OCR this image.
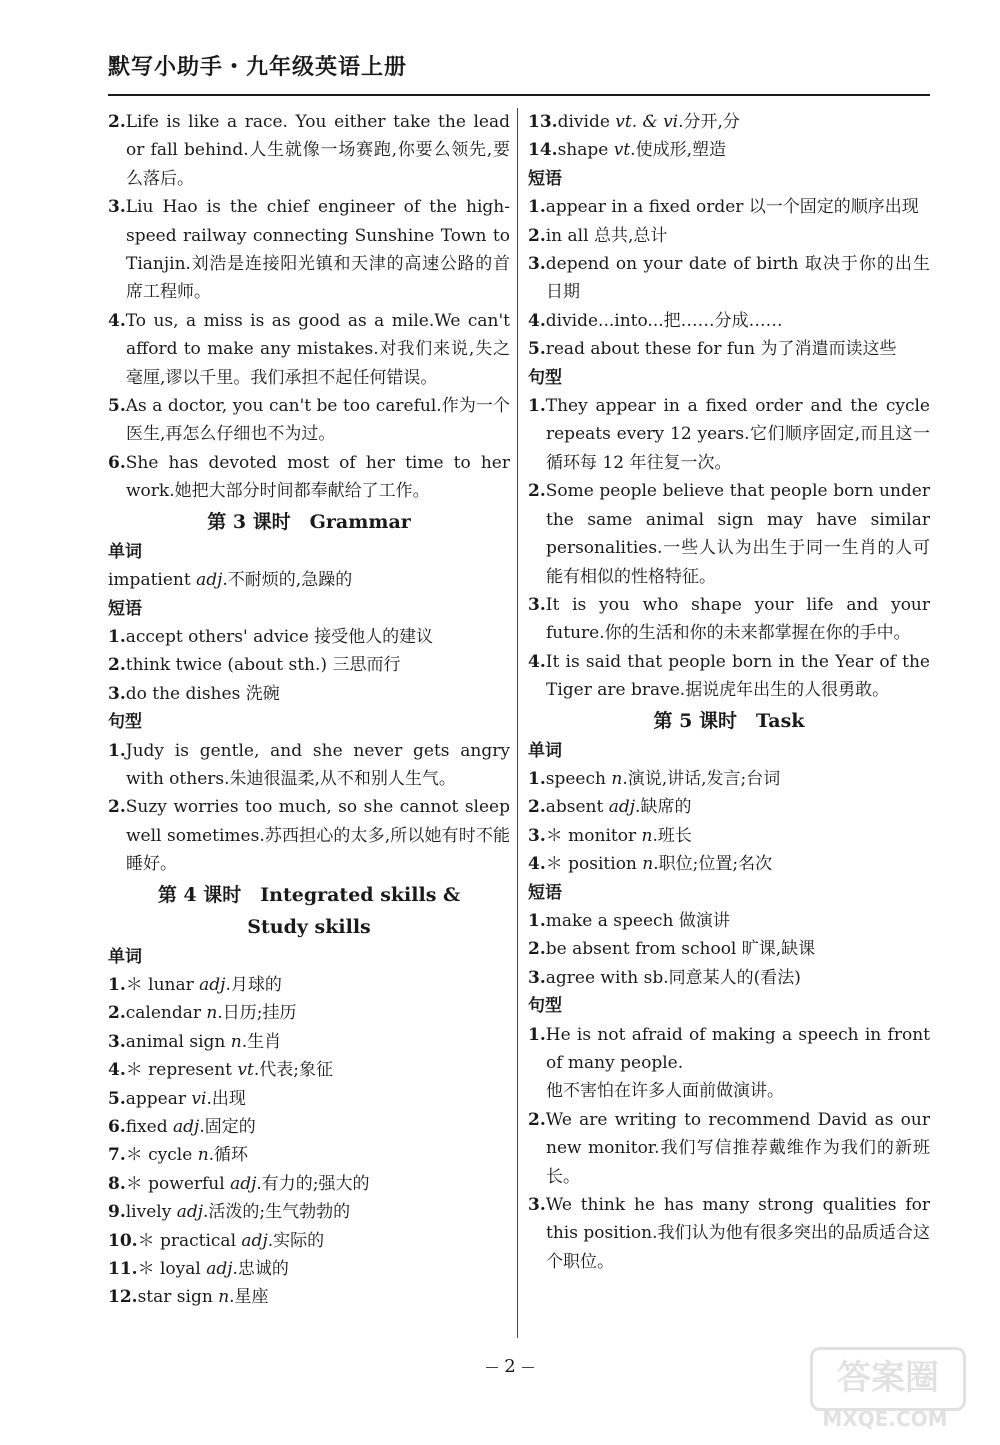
默写小助手・九年级英语上册
2.Life is like a race. You either take the lead or fall behind.人生就像一场赛跑,你要么领先,要么落后。
3.Liu Hao is the chief engineer of the high-speed railway connecting Sunshine Town to Tianjin.刘浩是连接阳光镇和天津的高速公路的首席工程师。
4.To us, a miss is as good as a mile.We can't afford to make any mistakes.对我们来说,失之毫厘,谬以千里。我们承担不起任何错误。
5.As a doctor, you can't be too careful.作为一个医生,再怎么仔细也不为过。
6.She has devoted most of her time to her work.她把大部分时间都奉献给了工作。
第 3 课时　Grammar
单词
impatient adj.不耐烦的,急躁的
短语
1.accept others' advice 接受他人的建议
2.think twice (about sth.) 三思而行
3.do the dishes 洗碗
句型
1.Judy is gentle, and she never gets angry with others.朱迪很温柔,从不和别人生气。
2.Suzy worries too much, so she cannot sleep well sometimes.苏西担心的太多,所以她有时不能睡好。
第 4 课时　Integrated skills &
Study skills
单词
1.＊ lunar adj.月球的
2.calendar n.日历;挂历
3.animal sign n.生肖
4.＊ represent vt.代表;象征
5.appear vi.出现
6.fixed adj.固定的
7.＊ cycle n.循环
8.＊ powerful adj.有力的;强大的
9.lively adj.活泼的;生气勃勃的
10.＊ practical adj.实际的
11.＊ loyal adj.忠诚的
12.star sign n.星座
13.divide vt. & vi.分开,分
14.shape vt.使成形,塑造
短语
1.appear in a fixed order 以一个固定的顺序出现
2.in all 总共,总计
3.depend on your date of birth 取决于你的出生日期
4.divide...into...把……分成……
5.read about these for fun 为了消遣而读这些
句型
1.They appear in a fixed order and the cycle repeats every 12 years.它们顺序固定,而且这一循环每 12 年往复一次。
2.Some people believe that people born under the same animal sign may have similar personalities.一些人认为出生于同一生肖的人可能有相似的性格特征。
3.It is you who shape your life and your future.你的生活和你的未来都掌握在你的手中。
4.It is said that people born in the Year of the Tiger are brave.据说虎年出生的人很勇敢。
第 5 课时　Task
单词
1.speech n.演说,讲话,发言;台词
2.absent adj.缺席的
3.＊ monitor n.班长
4.＊ position n.职位;位置;名次
短语
1.make a speech 做演讲
2.be absent from school 旷课,缺课
3.agree with sb.同意某人的(看法)
句型
1.He is not afraid of making a speech in front of many people.
他不害怕在许多人面前做演讲。
2.We are writing to recommend David as our new monitor.我们写信推荐戴维作为我们的新班长。
3.We think he has many strong qualities for this position.我们认为他有很多突出的品质适合这个职位。
2	答案圈
MXQE.COM
